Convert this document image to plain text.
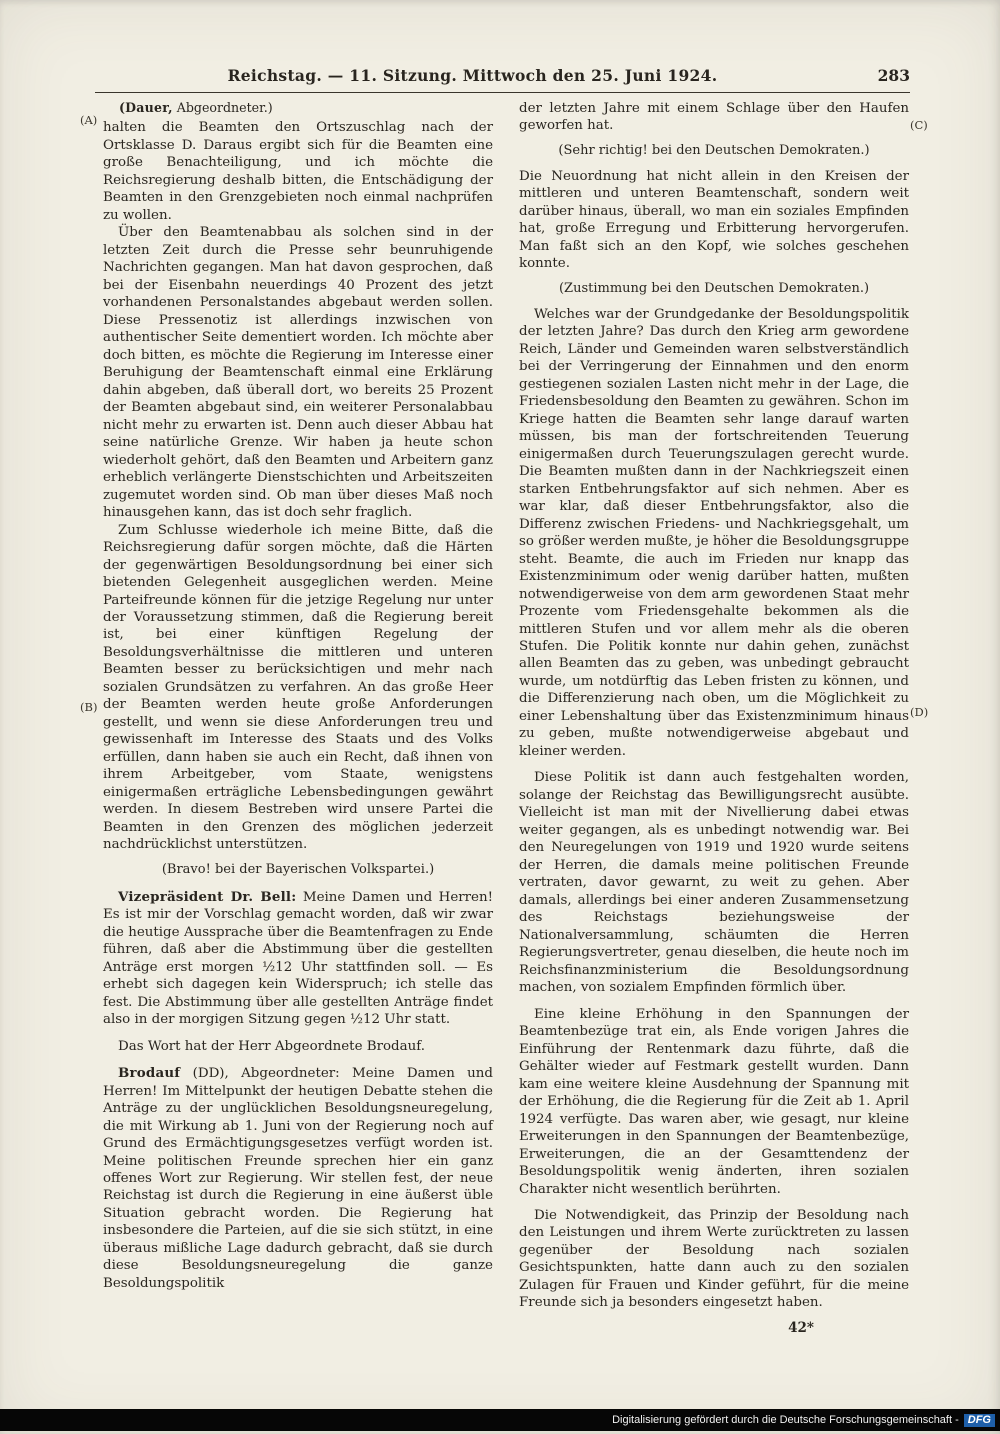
Reichstag. — 11. Sitzung. Mittwoch den 25. Juni 1924.	283
(A)
(B)
(C)
(D)

(Dauer, Abgeordneter.)

halten die Beamten den Ortszuschlag nach der Ortsklasse D. Daraus ergibt sich für die Beamten eine große Benachteiligung, und ich möchte die Reichsregierung deshalb bitten, die Entschädigung der Beamten in den Grenzgebieten noch einmal nachprüfen zu wollen.

Über den Beamtenabbau als solchen sind in der letzten Zeit durch die Presse sehr beunruhigende Nachrichten gegangen. Man hat davon gesprochen, daß bei der Eisenbahn neuerdings 40 Prozent des jetzt vorhandenen Personalstandes abgebaut werden sollen. Diese Pressenotiz ist allerdings inzwischen von authentischer Seite dementiert worden. Ich möchte aber doch bitten, es möchte die Regierung im Interesse einer Beruhigung der Beamtenschaft einmal eine Erklärung dahin abgeben, daß überall dort, wo bereits 25 Prozent der Beamten abgebaut sind, ein weiterer Personalabbau nicht mehr zu erwarten ist. Denn auch dieser Abbau hat seine natürliche Grenze. Wir haben ja heute schon wiederholt gehört, daß den Beamten und Arbeitern ganz erheblich verlängerte Dienstschichten und Arbeitszeiten zugemutet worden sind. Ob man über dieses Maß noch hinausgehen kann, das ist doch sehr fraglich.

Zum Schlusse wiederhole ich meine Bitte, daß die Reichsregierung dafür sorgen möchte, daß die Härten der gegenwärtigen Besoldungsordnung bei einer sich bietenden Gelegenheit ausgeglichen werden. Meine Parteifreunde können für die jetzige Regelung nur unter der Voraussetzung stimmen, daß die Regierung bereit ist, bei einer künftigen Regelung der Besoldungsverhältnisse die mittleren und unteren Beamten besser zu berücksichtigen und mehr nach sozialen Grundsätzen zu verfahren. An das große Heer der Beamten werden heute große Anforderungen gestellt, und wenn sie diese Anforderungen treu und gewissenhaft im Interesse des Staats und des Volks erfüllen, dann haben sie auch ein Recht, daß ihnen von ihrem Arbeitgeber, vom Staate, wenigstens einigermaßen erträgliche Lebensbedingungen gewährt werden. In diesem Bestreben wird unsere Partei die Beamten in den Grenzen des möglichen jederzeit nachdrücklichst unterstützen.

(Bravo! bei der Bayerischen Volkspartei.)

Vizepräsident Dr. Bell: Meine Damen und Herren! Es ist mir der Vorschlag gemacht worden, daß wir zwar die heutige Aussprache über die Beamtenfragen zu Ende führen, daß aber die Abstimmung über die gestellten Anträge erst morgen ½12 Uhr stattfinden soll. — Es erhebt sich dagegen kein Widerspruch; ich stelle das fest. Die Abstimmung über alle gestellten Anträge findet also in der morgigen Sitzung gegen ½12 Uhr statt.

Das Wort hat der Herr Abgeordnete Brodauf.

Brodauf (DD), Abgeordneter: Meine Damen und Herren! Im Mittelpunkt der heutigen Debatte stehen die Anträge zu der unglücklichen Besoldungsneuregelung, die mit Wirkung ab 1. Juni von der Regierung noch auf Grund des Ermächtigungsgesetzes verfügt worden ist. Meine politischen Freunde sprechen hier ein ganz offenes Wort zur Regierung. Wir stellen fest, der neue Reichstag ist durch die Regierung in eine äußerst üble Situation gebracht worden. Die Regierung hat insbesondere die Parteien, auf die sie sich stützt, in eine überaus mißliche Lage dadurch gebracht, daß sie durch diese Besoldungsneuregelung die ganze Besoldungspolitik

der letzten Jahre mit einem Schlage über den Haufen geworfen hat.

(Sehr richtig! bei den Deutschen Demokraten.)

Die Neuordnung hat nicht allein in den Kreisen der mittleren und unteren Beamtenschaft, sondern weit darüber hinaus, überall, wo man ein soziales Empfinden hat, große Erregung und Erbitterung hervorgerufen. Man faßt sich an den Kopf, wie solches geschehen konnte.

(Zustimmung bei den Deutschen Demokraten.)

Welches war der Grundgedanke der Besoldungspolitik der letzten Jahre? Das durch den Krieg arm gewordene Reich, Länder und Gemeinden waren selbstverständlich bei der Verringerung der Einnahmen und den enorm gestiegenen sozialen Lasten nicht mehr in der Lage, die Friedensbesoldung den Beamten zu gewähren. Schon im Kriege hatten die Beamten sehr lange darauf warten müssen, bis man der fortschreitenden Teuerung einigermaßen durch Teuerungszulagen gerecht wurde. Die Beamten mußten dann in der Nachkriegszeit einen starken Entbehrungsfaktor auf sich nehmen. Aber es war klar, daß dieser Entbehrungsfaktor, also die Differenz zwischen Friedens- und Nachkriegsgehalt, um so größer werden mußte, je höher die Besoldungsgruppe steht. Beamte, die auch im Frieden nur knapp das Existenzminimum oder wenig darüber hatten, mußten notwendigerweise von dem arm gewordenen Staat mehr Prozente vom Friedensgehalte bekommen als die mittleren Stufen und vor allem mehr als die oberen Stufen. Die Politik konnte nur dahin gehen, zunächst allen Beamten das zu geben, was unbedingt gebraucht wurde, um notdürftig das Leben fristen zu können, und die Differenzierung nach oben, um die Möglichkeit zu einer Lebenshaltung über das Existenzminimum hinaus zu geben, mußte notwendigerweise abgebaut und kleiner werden.

Diese Politik ist dann auch festgehalten worden, solange der Reichstag das Bewilligungsrecht ausübte. Vielleicht ist man mit der Nivellierung dabei etwas weiter gegangen, als es unbedingt notwendig war. Bei den Neuregelungen von 1919 und 1920 wurde seitens der Herren, die damals meine politischen Freunde vertraten, davor gewarnt, zu weit zu gehen. Aber damals, allerdings bei einer anderen Zusammensetzung des Reichstags beziehungsweise der Nationalversammlung, schäumten die Herren Regierungsvertreter, genau dieselben, die heute noch im Reichsfinanzministerium die Besoldungsordnung machen, von sozialem Empfinden förmlich über.

Eine kleine Erhöhung in den Spannungen der Beamtenbezüge trat ein, als Ende vorigen Jahres die Einführung der Rentenmark dazu führte, daß die Gehälter wieder auf Festmark gestellt wurden. Dann kam eine weitere kleine Ausdehnung der Spannung mit der Erhöhung, die die Regierung für die Zeit ab 1. April 1924 verfügte. Das waren aber, wie gesagt, nur kleine Erweiterungen in den Spannungen der Beamtenbezüge, Erweiterungen, die an der Gesamttendenz der Besoldungspolitik wenig änderten, ihren sozialen Charakter nicht wesentlich berührten.

Die Notwendigkeit, das Prinzip der Besoldung nach den Leistungen und ihrem Werte zurücktreten zu lassen gegenüber der Besoldung nach sozialen Gesichtspunkten, hatte dann auch zu den sozialen Zulagen für Frauen und Kinder geführt, für die meine Freunde sich ja besonders eingesetzt haben.

42*

Digitalisierung gefördert durch die Deutsche Forschungsgemeinschaft - DFG
